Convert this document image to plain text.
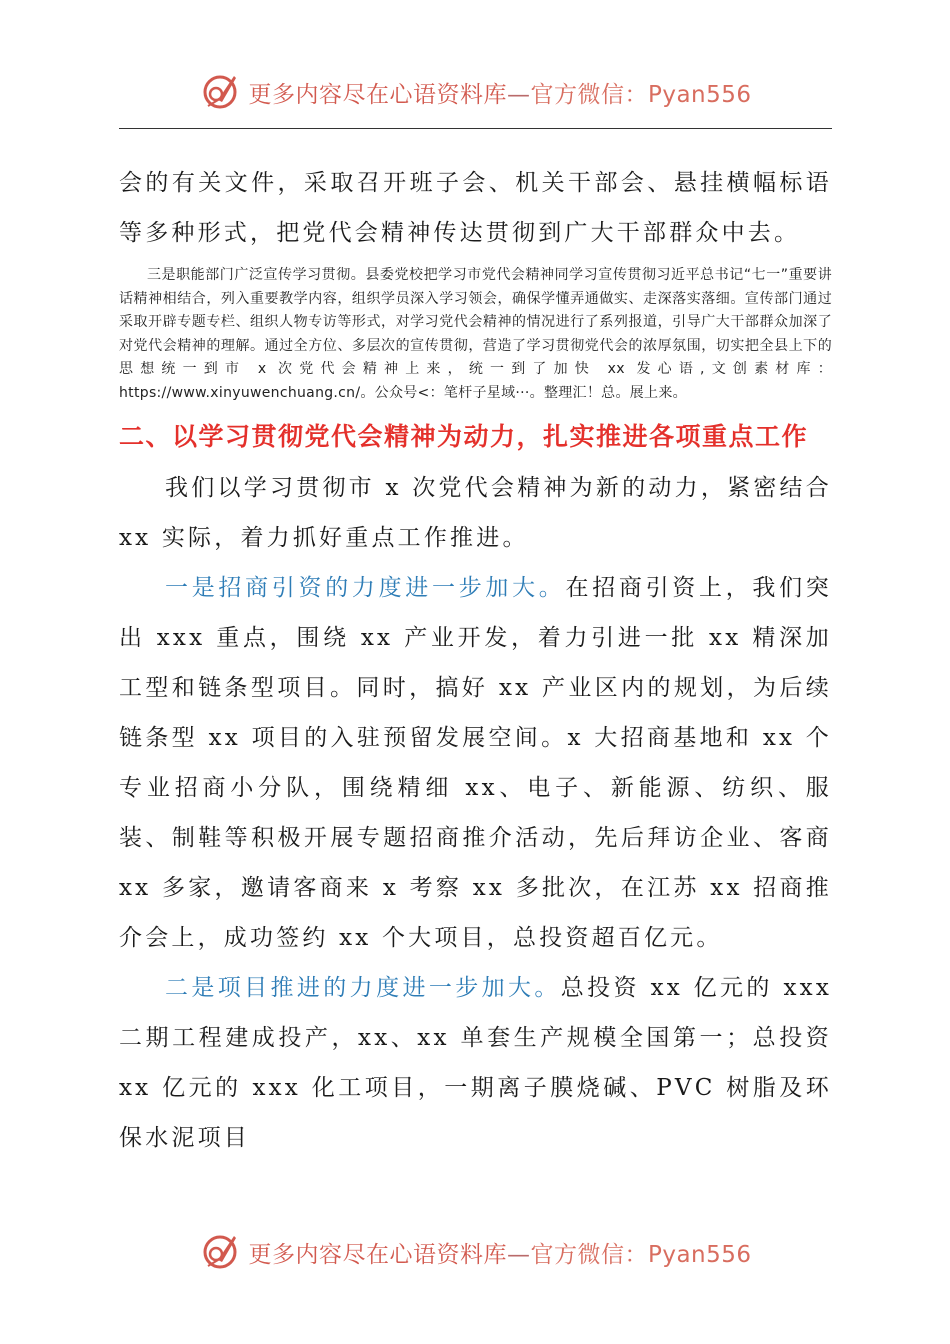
更多内容尽在心语资料库—官方微信：Pyan556

会的有关文件，采取召开班子会、机关干部会、悬挂横幅标语等多种形式，把党代会精神传达贯彻到广大干部群众中去。

三是职能部门广泛宣传学习贯彻。县委党校把学习市党代会精神同学习宣传贯彻习近平总书记“七一”重要讲话精神相结合，列入重要教学内容，组织学员深入学习领会，确保学懂弄通做实、走深落实落细。宣传部门通过采取开辟专题专栏、组织人物专访等形式，对学习党代会精神的情况进行了系列报道，引导广大干部群众加深了对党代会精神的理解。通过全方位、多层次的宣传贯彻，营造了学习贯彻党代会的浓厚氛围，切实把全县上下的思想统一到市 x 次党代会精神上来，统一到了加快 xx 发心语,文创素材库：https://www.xinyuwenchuang.cn/。公众号<：笔杆子星域···。整理汇！总。展上来。

二、以学习贯彻党代会精神为动力，扎实推进各项重点工作

我们以学习贯彻市 x 次党代会精神为新的动力，紧密结合 xx 实际，着力抓好重点工作推进。

一是招商引资的力度进一步加大。在招商引资上，我们突出 xxx 重点，围绕 xx 产业开发，着力引进一批 xx 精深加工型和链条型项目。同时，搞好 xx 产业区内的规划，为后续链条型 xx 项目的入驻预留发展空间。x 大招商基地和 xx 个专业招商小分队，围绕精细 xx、电子、新能源、纺织、服装、制鞋等积极开展专题招商推介活动，先后拜访企业、客商 xx 多家，邀请客商来 x 考察 xx 多批次，在江苏 xx 招商推介会上，成功签约 xx 个大项目，总投资超百亿元。

二是项目推进的力度进一步加大。总投资 xx 亿元的 xxx 二期工程建成投产，xx、xx 单套生产规模全国第一；总投资 xx 亿元的 xxx 化工项目，一期离子膜烧碱、PVC 树脂及环保水泥项目

更多内容尽在心语资料库—官方微信：Pyan556
